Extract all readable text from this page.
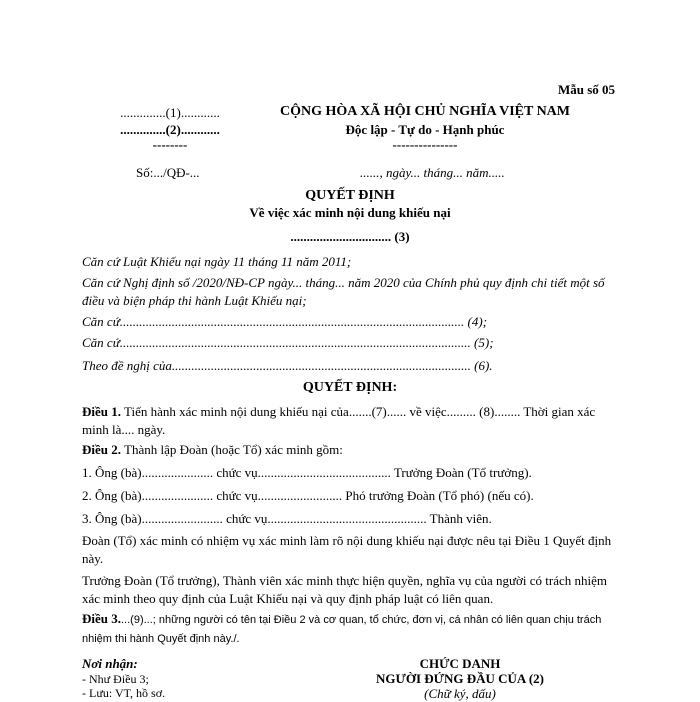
Mẫu số 05
..............(1)............
..............(2)............
--------
Số:.../QĐ-...
CỘNG HÒA XÃ HỘI CHỦ NGHĨA VIỆT NAM
Độc lập - Tự do - Hạnh phúc
---------------
......, ngày... tháng... năm.....
QUYẾT ĐỊNH
Về việc xác minh nội dung khiếu nại
............................... (3)
Căn cứ Luật Khiếu nại ngày 11 tháng 11 năm 2011;
Căn cứ Nghị định số /2020/NĐ-CP ngày... tháng... năm 2020 của Chính phủ quy định chi tiết một số điều và biện pháp thi hành Luật Khiếu nại;
Căn cứ.......................................................................................................... (4);
Căn cứ............................................................................................................ (5);
Theo đề nghị của............................................................................................ (6).
QUYẾT ĐỊNH:
Điều 1. Tiến hành xác minh nội dung khiếu nại của.......(7)...... về việc......... (8)........ Thời gian xác minh là.... ngày.
Điều 2. Thành lập Đoàn (hoặc Tổ) xác minh gồm:
1. Ông (bà)...................... chức vụ......................................... Trưởng Đoàn (Tổ trưởng).
2. Ông (bà)...................... chức vụ.......................... Phó trưởng Đoàn (Tổ phó) (nếu có).
3. Ông (bà)......................... chức vụ................................................. Thành viên.
Đoàn (Tổ) xác minh có nhiệm vụ xác minh làm rõ nội dung khiếu nại được nêu tại Điều 1 Quyết định này.
Trưởng Đoàn (Tổ trưởng), Thành viên xác minh thực hiện quyền, nghĩa vụ của người có trách nhiệm xác minh theo quy định của Luật Khiếu nại và quy định pháp luật có liên quan.
Điều 3....(9)...; những người có tên tại Điều 2 và cơ quan, tổ chức, đơn vị, cá nhân có liên quan chịu trách nhiệm thi hành Quyết định này./.
Nơi nhận:
- Như Điều 3;
- Lưu: VT, hồ sơ.
CHỨC DANH
NGƯỜI ĐỨNG ĐẦU CỦA (2)
(Chữ ký, dấu)
